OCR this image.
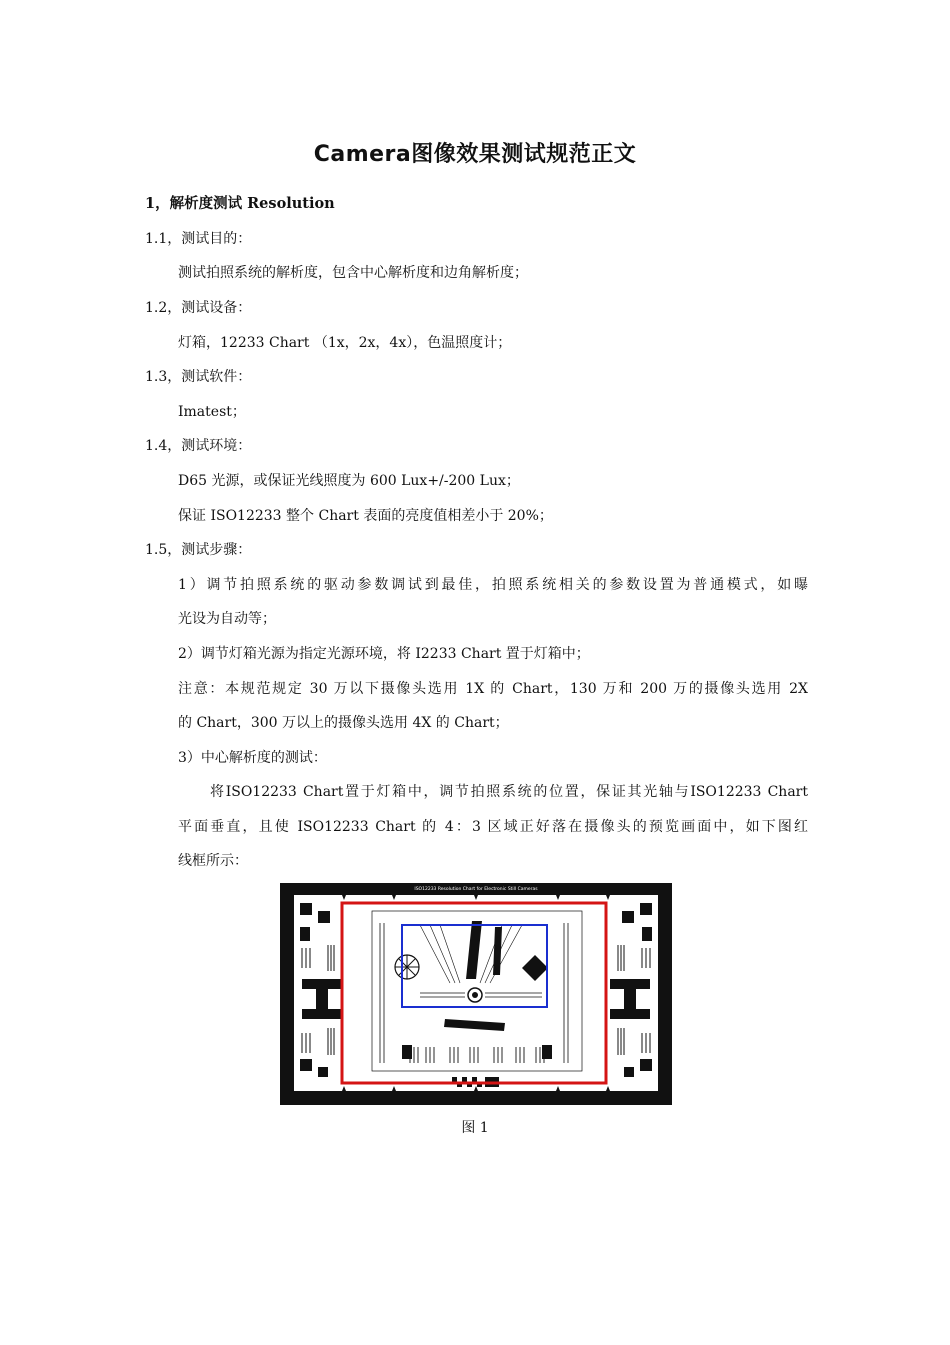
Camera图像效果测试规范正文
1，解析度测试 Resolution
1.1，测试目的：
测试拍照系统的解析度，包含中心解析度和边角解析度；
1.2，测试设备：
灯箱，12233 Chart （1x，2x，4x），色温照度计；
1.3，测试软件：
Imatest；
1.4，测试环境：
D65 光源，或保证光线照度为 600 Lux+/-200 Lux；
保证 ISO12233 整个 Chart 表面的亮度值相差小于 20%；
1.5，测试步骤：
1）调节拍照系统的驱动参数调试到最佳，拍照系统相关的参数设置为普通模式，如曝
光设为自动等；
2）调节灯箱光源为指定光源环境，将 I2233 Chart 置于灯箱中；
注意：本规范规定 30 万以下摄像头选用 1X 的 Chart，130 万和 200 万的摄像头选用 2X
的 Chart，300 万以上的摄像头选用 4X 的 Chart；
3）中心解析度的测试：
将ISO12233 Chart置于灯箱中，调节拍照系统的位置，保证其光轴与ISO12233 Chart
平面垂直，且使 ISO12233 Chart 的 4：3 区域正好落在摄像头的预览画面中，如下图红
线框所示：
ISO12233 Resolution Chart for Electronic Still Cameras
图 1
